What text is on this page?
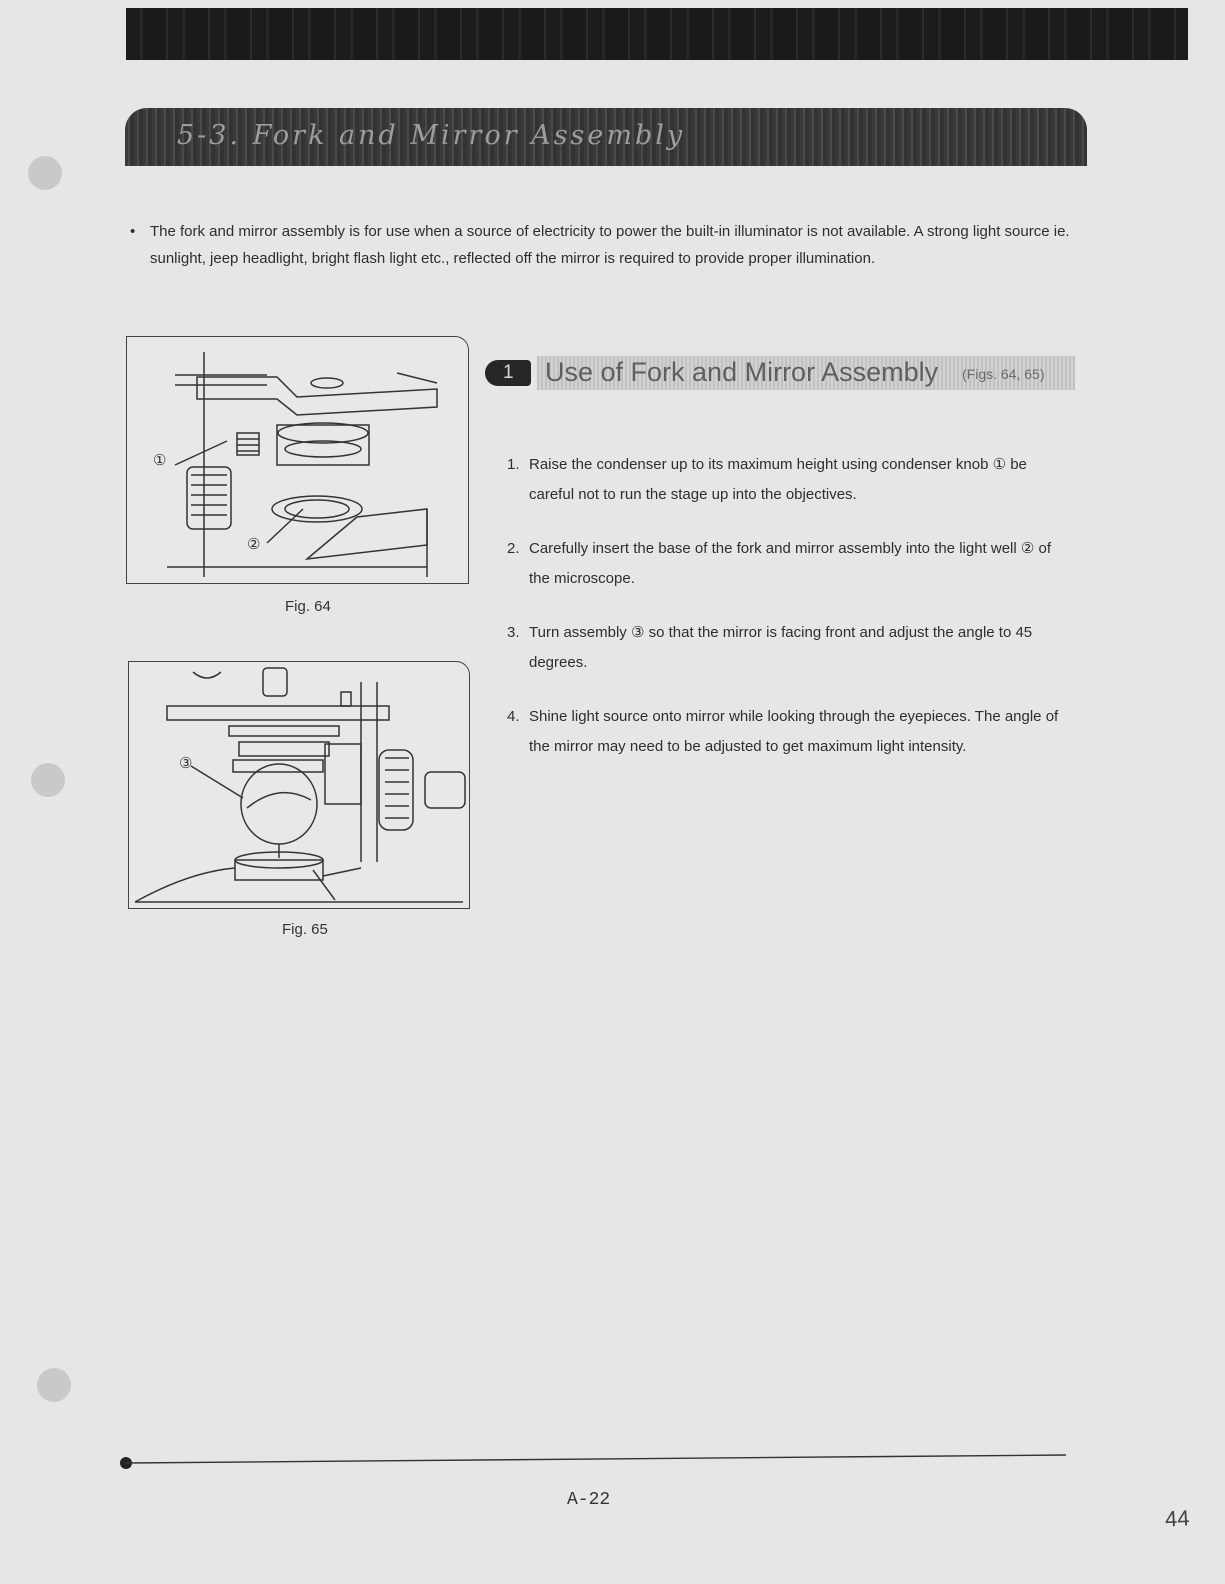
5-3. Fork and Mirror Assembly
• The fork and mirror assembly is for use when a source of electricity to power the built-in illuminator is not available. A strong light source ie. sunlight, jeep headlight, bright flash light etc., reflected off the mirror is required to provide proper illumination.
①
②
Fig. 64
③
Fig. 65
1 Use of Fork and Mirror Assembly (Figs. 64, 65)
1. Raise the condenser up to its maximum height using condenser knob ① be careful not to run the stage up into the objectives.
2. Carefully insert the base of the fork and mirror assembly into the light well ② of the microscope.
3. Turn assembly ③ so that the mirror is facing front and adjust the angle to 45 degrees.
4. Shine light source onto mirror while looking through the eyepieces. The angle of the mirror may need to be adjusted to get maximum light intensity.
A-22
44
